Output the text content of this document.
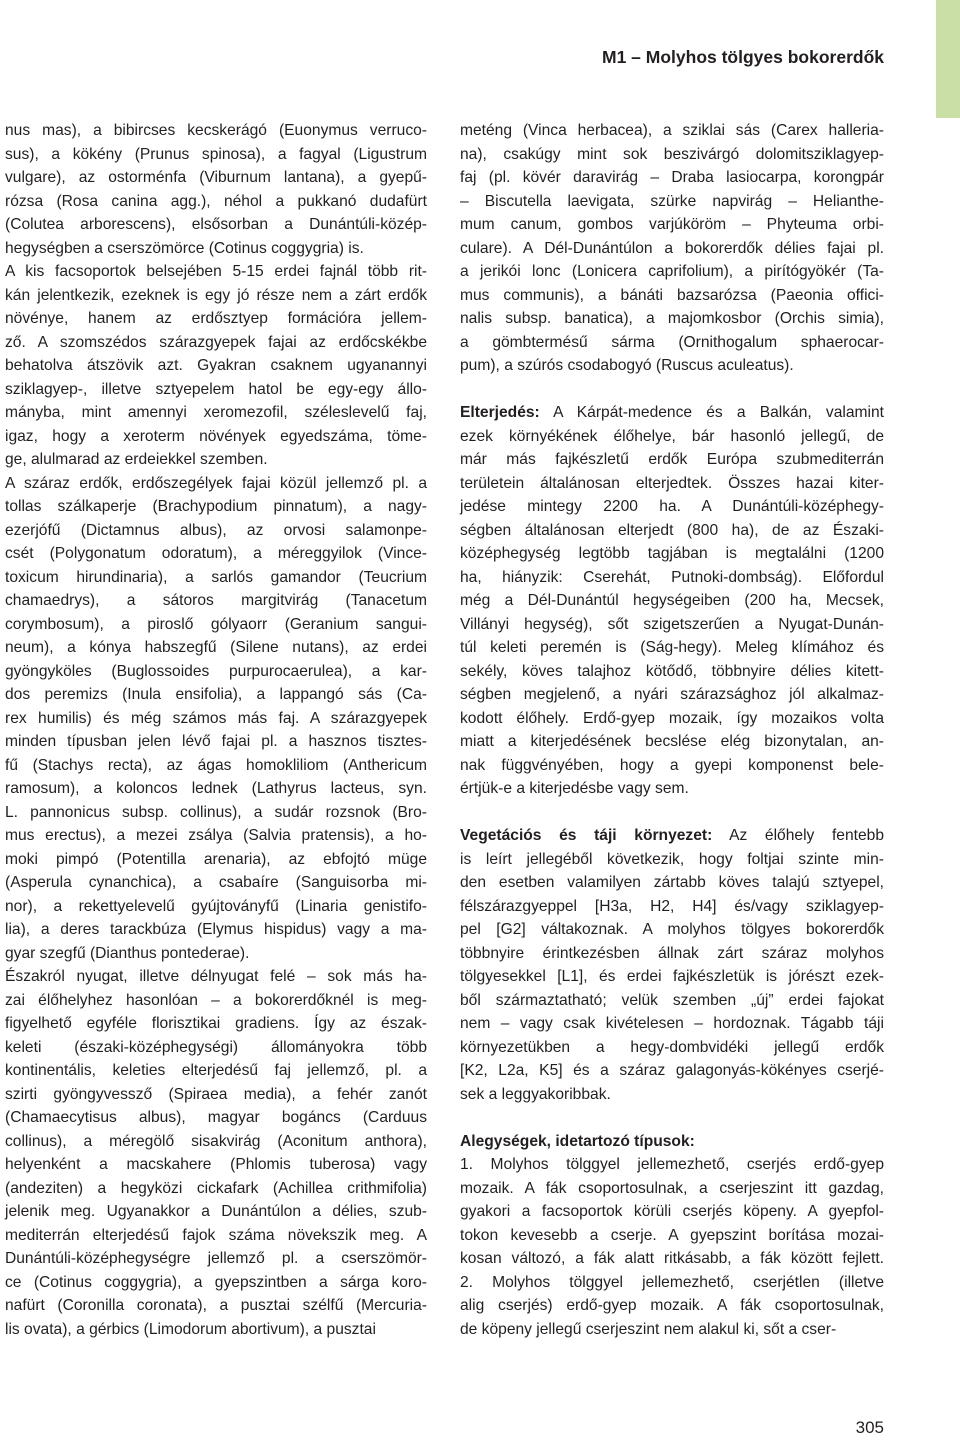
M1 – Molyhos tölgyes bokorerdők
nus mas), a bibircses kecskerágó (Euonymus verruco-
sus), a kökény (Prunus spinosa), a fagyal (Ligustrum
vulgare), az ostorménfa (Viburnum lantana), a gyepű-
rózsa (Rosa canina agg.), néhol a pukkanó dudafürt
(Colutea arborescens), elsősorban a Dunántúli-közép-
hegységben a cserszömörce (Cotinus coggygria) is.
A kis facsoportok belsejében 5-15 erdei fajnál több rit-
kán jelentkezik, ezeknek is egy jó része nem a zárt erdők
növénye, hanem az erdősztyep formációra jellem-
ző. A szomszédos szárazgyepek fajai az erdőcskékbe
behatolva átszövik azt. Gyakran csaknem ugyanannyi
sziklagyep-, illetve sztyepelem hatol be egy-egy állo-
mányba, mint amennyi xeromezofil, széleslevelű faj,
igaz, hogy a xeroterm növények egyedszáma, töme-
ge, alulmarad az erdeiekkel szemben.
A száraz erdők, erdőszegélyek fajai közül jellemző pl. a
tollas szálkaperje (Brachypodium pinnatum), a nagy-
ezerjófű (Dictamnus albus), az orvosi salamonpe-
csét (Polygonatum odoratum), a méreggyilok (Vince-
toxicum hirundinaria), a sarlós gamandor (Teucrium
chamaedrys), a sátoros margitvirág (Tanacetum
corymbosum), a piroslő gólyaorr (Geranium sangui-
neum), a kónya habszegfű (Silene nutans), az erdei
gyöngyköles (Buglossoides purpurocaerulea), a kar-
dos peremizs (Inula ensifolia), a lappangó sás (Ca-
rex humilis) és még számos más faj. A szárazgyepek
minden típusban jelen lévő fajai pl. a hasznos tisztes-
fű (Stachys recta), az ágas homokliliom (Anthericum
ramosum), a koloncos lednek (Lathyrus lacteus, syn.
L. pannonicus subsp. collinus), a sudár rozsnok (Bro-
mus erectus), a mezei zsálya (Salvia pratensis), a ho-
moki pimpó (Potentilla arenaria), az ebfojtó müge
(Asperula cynanchica), a csabaíre (Sanguisorba mi-
nor), a rekettyelevelű gyújtoványfű (Linaria genistifo-
lia), a deres tarackbúza (Elymus hispidus) vagy a ma-
gyar szegfű (Dianthus pontederae).
Északról nyugat, illetve délnyugat felé – sok más ha-
zai élőhelyhez hasonlóan – a bokorerdőknél is meg-
figyelhető egyféle florisztikai gradiens. Így az észak-
keleti (északi-középhegységi) állományokra több
kontinentális, keleties elterjedésű faj jellemző, pl. a
szirti gyöngyvessző (Spiraea media), a fehér zanót
(Chamaecytisus albus), magyar bogáncs (Carduus
collinus), a méregölő sisakvirág (Aconitum anthora),
helyenként a macskahere (Phlomis tuberosa) vagy
(andeziten) a hegyközi cickafark (Achillea crithmifolia)
jelenik meg. Ugyanakkor a Dunántúlon a délies, szub-
mediterrán elterjedésű fajok száma növekszik meg. A
Dunántúli-középhegységre jellemző pl. a cserszömör-
ce (Cotinus coggygria), a gyepszintben a sárga koro-
nafürt (Coronilla coronata), a pusztai szélfű (Mercuria-
lis ovata), a gérbics (Limodorum abortivum), a pusztai
meténg (Vinca herbacea), a sziklai sás (Carex halleria-
na), csakúgy mint sok beszivárgó dolomitsziklagyep-
faj (pl. kövér daravirág – Draba lasiocarpa, korongpár
– Biscutella laevigata, szürke napvirág – Helianthe-
mum canum, gombos varjúköröm – Phyteuma orbi-
culare). A Dél-Dunántúlon a bokorerdők délies fajai pl.
a jerikói lonc (Lonicera caprifolium), a pirítógyökér (Ta-
mus communis), a bánáti bazsarózsa (Paeonia offici-
nalis subsp. banatica), a majomkosbor (Orchis simia),
a gömbtermésű sárma (Ornithogalum sphaerocar-
pum), a szúrós csodabogyó (Ruscus aculeatus).
Elterjedés: A Kárpát-medence és a Balkán, valamint
ezek környékének élőhelye, bár hasonló jellegű, de
már más fajkészletű erdők Európa szubmediterrán
területein általánosan elterjedtek. Összes hazai kiter-
jedése mintegy 2200 ha. A Dunántúli-középhegy-
ségben általánosan elterjedt (800 ha), de az Északi-
középhegység legtöbb tagjában is megtalálni (1200
ha, hiányzik: Cserehát, Putnoki-dombság). Előfordul
még a Dél-Dunántúl hegységeiben (200 ha, Mecsek,
Villányi hegység), sőt szigetszerűen a Nyugat-Dunán-
túl keleti peremén is (Ság-hegy). Meleg klímához és
sekély, köves talajhoz kötődő, többnyire délies kitett-
ségben megjelenő, a nyári szárazsághoz jól alkalmaz-
kodott élőhely. Erdő-gyep mozaik, így mozaikos volta
miatt a kiterjedésének becslése elég bizonytalan, an-
nak függvényében, hogy a gyepi komponenst bele-
értjük-e a kiterjedésbe vagy sem.
Vegetációs és táji környezet: Az élőhely fentebb
is leírt jellegéből következik, hogy foltjai szinte min-
den esetben valamilyen zártabb köves talajú sztyepel,
félszárazgyeppel [H3a, H2, H4] és/vagy sziklagyep-
pel [G2] váltakoznak. A molyhos tölgyes bokorerdők
többnyire érintkezésben állnak zárt száraz molyhos
tölgyesekkel [L1], és erdei fajkészletük is jórészt ezek-
ből származtatható; velük szemben „új” erdei fajokat
nem – vagy csak kivételesen – hordoznak. Tágabb táji
környezetükben a hegy-dombvidéki jellegű erdők
[K2, L2a, K5] és a száraz galagonyás-kökényes cserjé-
sek a leggyakoribbak.
Alegységek, idetartozó típusok:
1. Molyhos tölggyel jellemezhető, cserjés erdő-gyep
mozaik. A fák csoportosulnak, a cserjeszint itt gazdag,
gyakori a facsoportok körüli cserjés köpeny. A gyepfol-
tokon kevesebb a cserje. A gyepszint borítása mozai-
kosan változó, a fák alatt ritkásabb, a fák között fejlett.
2. Molyhos tölggyel jellemezhető, cserjétlen (illetve
alig cserjés) erdő-gyep mozaik. A fák csoportosulnak,
de köpeny jellegű cserjeszint nem alakul ki, sőt a cser-
305
